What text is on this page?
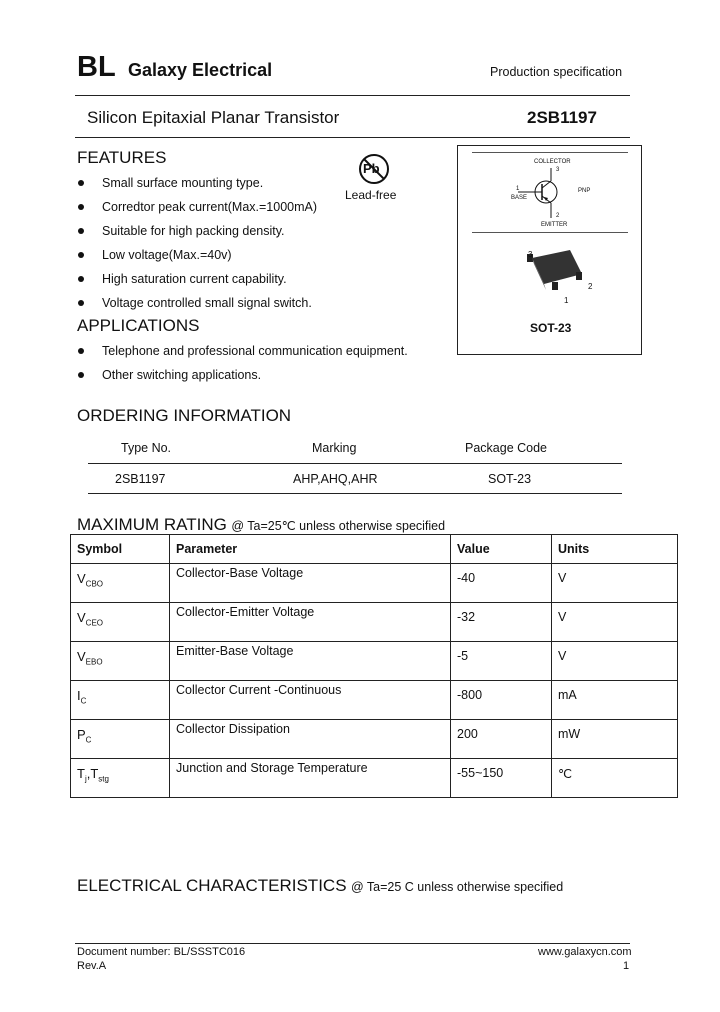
BL Galaxy Electrical	Production specification
Silicon Epitaxial Planar Transistor	2SB1197
FEATURES
Small surface mounting type.
Corredtor peak current(Max.=1000mA)
Suitable for high packing density.
Low voltage(Max.=40v)
High saturation current capability.
Voltage controlled small signal switch.
Pb
Lead-free
APPLICATIONS
Telephone and professional communication equipment.
Other switching applications.
COLLECTOR
BASE
EMITTER
PNP
1
3
2
3
1
2
SOT-23
ORDERING INFORMATION
Type No.	Marking	Package Code
2SB1197	AHP,AHQ,AHR	SOT-23
MAXIMUM RATING @ Ta=25℃ unless otherwise specified
Symbol	Parameter	Value	Units
$V_{CBO}$	Collector-Base Voltage	-40	V
$V_{CEO}$	Collector-Emitter Voltage	-32	V
$V_{EBO}$	Emitter-Base Voltage	-5	V
$I_C$	Collector Current -Continuous	-800	mA
$P_C$	Collector Dissipation	200	mW
$T_j,T_{stg}$	Junction and Storage Temperature	-55~150	℃
ELECTRICAL CHARACTERISTICS @ Ta=25 C unless otherwise specified
Document number: BL/SSSTC016
Rev.A
www.galaxycn.com
1
